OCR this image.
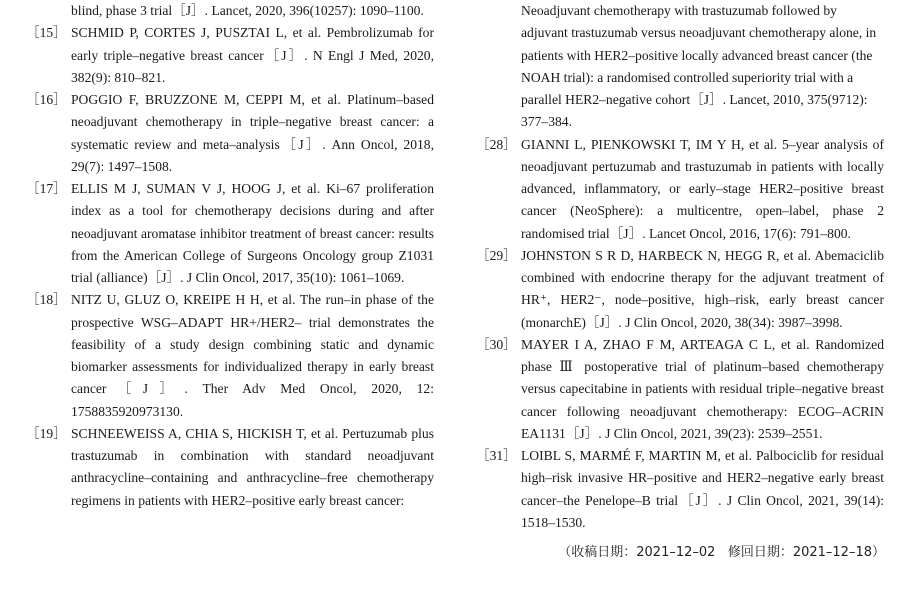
blind, phase 3 trial［J］. Lancet, 2020, 396(10257): 1090–1100.
［15］ SCHMID P, CORTES J, PUSZTAI L, et al. Pembrolizumab for early triple–negative breast cancer［J］. N Engl J Med, 2020, 382(9): 810–821.
［16］ POGGIO F, BRUZZONE M, CEPPI M, et al. Platinum–based neoadjuvant chemotherapy in triple–negative breast cancer: a systematic review and meta–analysis［J］. Ann Oncol, 2018, 29(7): 1497–1508.
［17］ ELLIS M J, SUMAN V J, HOOG J, et al. Ki–67 proliferation index as a tool for chemotherapy decisions during and after neoadjuvant aromatase inhibitor treatment of breast cancer: results from the American College of Surgeons Oncology group Z1031 trial (alliance)［J］. J Clin Oncol, 2017, 35(10): 1061–1069.
［18］ NITZ U, GLUZ O, KREIPE H H, et al. The run–in phase of the prospective WSG–ADAPT HR+/HER2– trial demonstrates the feasibility of a study design combining static and dynamic biomarker assessments for individualized therapy in early breast cancer［J］. Ther Adv Med Oncol, 2020, 12: 1758835920973130.
［19］ SCHNEEWEISS A, CHIA S, HICKISH T, et al. Pertuzumab plus trastuzumab in combination with standard neoadjuvant anthracycline–containing and anthracycline–free chemotherapy regimens in patients with HER2–positive early breast cancer:
Neoadjuvant chemotherapy with trastuzumab followed by adjuvant trastuzumab versus neoadjuvant chemotherapy alone, in patients with HER2–positive locally advanced breast cancer (the NOAH trial): a randomised controlled superiority trial with a parallel HER2–negative cohort［J］. Lancet, 2010, 375(9712): 377–384.
［28］ GIANNI L, PIENKOWSKI T, IM Y H, et al. 5–year analysis of neoadjuvant pertuzumab and trastuzumab in patients with locally advanced, inflammatory, or early–stage HER2–positive breast cancer (NeoSphere): a multicentre, open–label, phase 2 randomised trial［J］. Lancet Oncol, 2016, 17(6): 791–800.
［29］ JOHNSTON S R D, HARBECK N, HEGG R, et al. Abemaciclib combined with endocrine therapy for the adjuvant treatment of HR⁺, HER2⁻, node–positive, high–risk, early breast cancer (monarchE)［J］. J Clin Oncol, 2020, 38(34): 3987–3998.
［30］ MAYER I A, ZHAO F M, ARTEAGA C L, et al. Randomized phase Ⅲ postoperative trial of platinum–based chemotherapy versus capecitabine in patients with residual triple–negative breast cancer following neoadjuvant chemotherapy: ECOG–ACRIN EA1131［J］. J Clin Oncol, 2021, 39(23): 2539–2551.
［31］ LOIBL S, MARMÉ F, MARTIN M, et al. Palbociclib for residual high–risk invasive HR–positive and HER2–negative early breast cancer–the Penelope–B trial［J］. J Clin Oncol, 2021, 39(14): 1518–1530.
（收稿日期：2021–12–02   修回日期：2021–12–18）
